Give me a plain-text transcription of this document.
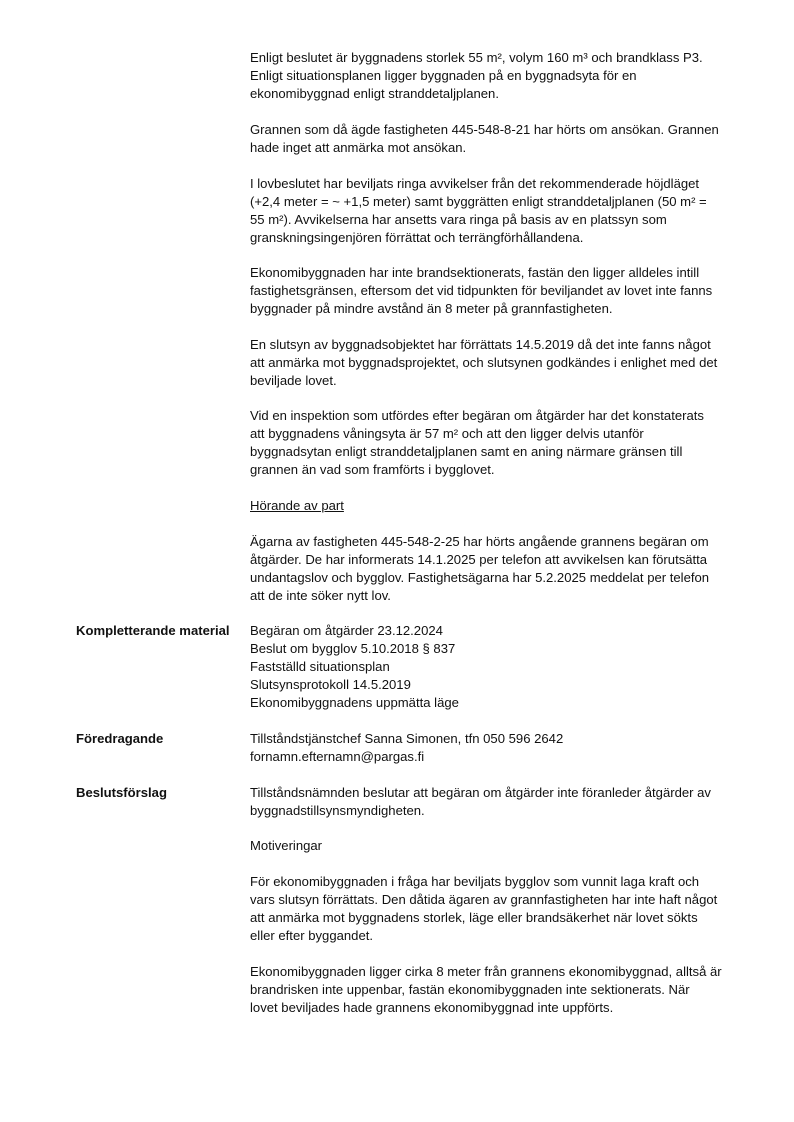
Enligt beslutet är byggnadens storlek 55 m², volym 160 m³ och brandklass P3.
Enligt situationsplanen ligger byggnaden på en byggnadsyta för en
ekonomibyggnad enligt stranddetaljplanen.

Grannen som då ägde fastigheten 445-548-8-21 har hörts om ansökan. Grannen
hade inget att anmärka mot ansökan.

I lovbeslutet har beviljats ringa avvikelser från det rekommenderade höjdläget
(+2,4 meter = ~ +1,5 meter) samt byggrätten enligt stranddetaljplanen (50 m² =
55 m²). Avvikelserna har ansetts vara ringa på basis av en platssyn som
granskningsingenjören förrättat och terrängförhållandena.

Ekonomibyggnaden har inte brandsektionerats, fastän den ligger alldeles intill
fastighetsgränsen, eftersom det vid tidpunkten för beviljandet av lovet inte fanns
byggnader på mindre avstånd än 8 meter på grannfastigheten.

En slutsyn av byggnadsobjektet har förrättats 14.5.2019 då det inte fanns något
att anmärka mot byggnadsprojektet, och slutsynen godkändes i enlighet med det
beviljade lovet.

Vid en inspektion som utfördes efter begäran om åtgärder har det konstaterats
att byggnadens våningsyta är 57 m² och att den ligger delvis utanför
byggnadsytan enligt stranddetaljplanen samt en aning närmare gränsen till
grannen än vad som framförts i bygglovet.

Hörande av part

Ägarna av fastigheten 445-548-2-25 har hörts angående grannens begäran om
åtgärder. De har informerats 14.1.2025 per telefon att avvikelsen kan förutsätta
undantagslov och bygglov. Fastighetsägarna har 5.2.2025 meddelat per telefon
att de inte söker nytt lov.

Kompletterande material	Begäran om åtgärder 23.12.2024
Beslut om bygglov 5.10.2018 § 837
Fastställd situationsplan
Slutsynsprotokoll 14.5.2019
Ekonomibyggnadens uppmätta läge

Föredragande	Tillståndstjänstchef Sanna Simonen, tfn 050 596 2642
fornamn.efternamn@pargas.fi

Beslutsförslag	Tillståndsnämnden beslutar att begäran om åtgärder inte föranleder åtgärder av
byggnadstillsynsmyndigheten.

Motiveringar

För ekonomibyggnaden i fråga har beviljats bygglov som vunnit laga kraft och
vars slutsyn förrättats. Den dåtida ägaren av grannfastigheten har inte haft något
att anmärka mot byggnadens storlek, läge eller brandsäkerhet när lovet sökts
eller efter byggandet.

Ekonomibyggnaden ligger cirka 8 meter från grannens ekonomibyggnad, alltså är
brandrisken inte uppenbar, fastän ekonomibyggnaden inte sektionerats. När
lovet beviljades hade grannens ekonomibyggnad inte uppförts.
